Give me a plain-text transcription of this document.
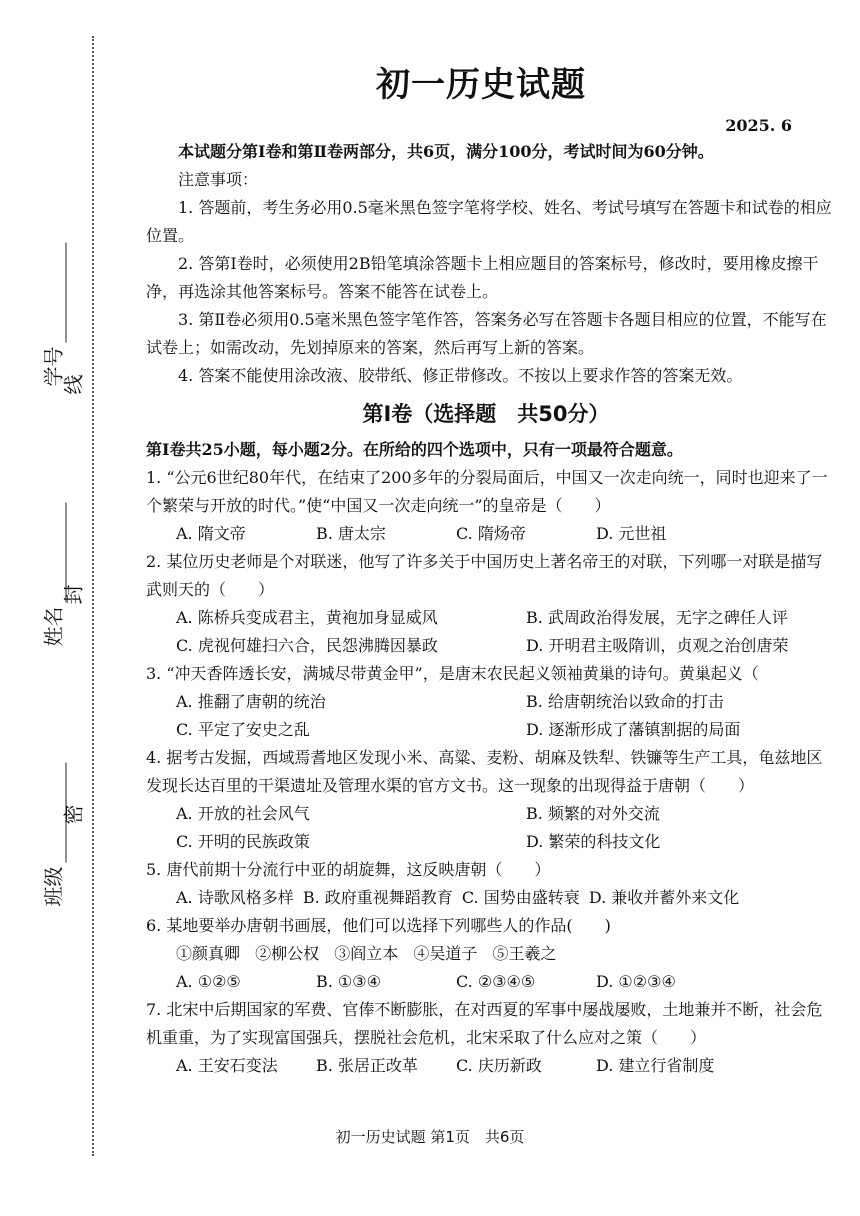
学号
姓名
班级
线
封
密
初一历史试题
2025. 6
本试题分第Ⅰ卷和第Ⅱ卷两部分，共6页，满分100分，考试时间为60分钟。
注意事项：
1. 答题前，考生务必用0.5毫米黑色签字笔将学校、姓名、考试号填写在答题卡和试卷的相应位置。
2. 答第Ⅰ卷时，必须使用2B铅笔填涂答题卡上相应题目的答案标号，修改时，要用橡皮擦干净，再选涂其他答案标号。答案不能答在试卷上。
3. 第Ⅱ卷必须用0.5毫米黑色签字笔作答，答案务必写在答题卡各题目相应的位置，不能写在试卷上；如需改动，先划掉原来的答案，然后再写上新的答案。
4. 答案不能使用涂改液、胶带纸、修正带修改。不按以上要求作答的答案无效。
第Ⅰ卷（选择题　共50分）
第Ⅰ卷共25小题，每小题2分。在所给的四个选项中，只有一项最符合题意。
1. “公元6世纪80年代，在结束了200多年的分裂局面后，中国又一次走向统一，同时也迎来了一个繁荣与开放的时代。”使“中国又一次走向统一”的皇帝是（　　）
A. 隋文帝	B. 唐太宗	C. 隋炀帝	D. 元世祖
2. 某位历史老师是个对联迷，他写了许多关于中国历史上著名帝王的对联，下列哪一对联是描写武则天的（　　）
A. 陈桥兵变成君主，黄袍加身显威风	B. 武周政治得发展，无字之碑任人评
C. 虎视何雄扫六合，民怨沸腾因暴政	D. 开明君主吸隋训，贞观之治创唐荣
3. “冲天香阵透长安，满城尽带黄金甲”，是唐末农民起义领袖黄巢的诗句。黄巢起义（
A. 推翻了唐朝的统治	B. 给唐朝统治以致命的打击
C. 平定了安史之乱	D. 逐渐形成了藩镇割据的局面
4. 据考古发掘，西域焉耆地区发现小米、高粱、麦粉、胡麻及铁犁、铁镰等生产工具，龟兹地区发现长达百里的干渠遗址及管理水渠的官方文书。这一现象的出现得益于唐朝（　　）
A. 开放的社会风气	B. 频繁的对外交流
C. 开明的民族政策	D. 繁荣的科技文化
5. 唐代前期十分流行中亚的胡旋舞，这反映唐朝（　　）
A. 诗歌风格多样 B. 政府重视舞蹈教育 C. 国势由盛转衰 D. 兼收并蓄外来文化
6. 某地要举办唐朝书画展，他们可以选择下列哪些人的作品(　　)
①颜真卿 ②柳公权 ③阎立本 ④吴道子 ⑤王羲之
A. ①②⑤	B. ①③④	C. ②③④⑤	D. ①②③④
7. 北宋中后期国家的军费、官俸不断膨胀，在对西夏的军事中屡战屡败，土地兼并不断，社会危机重重，为了实现富国强兵，摆脱社会危机，北宋采取了什么应对之策（　　）
A. 王安石变法	B. 张居正改革	C. 庆历新政	D. 建立行省制度
初一历史试题 第1页　共6页
